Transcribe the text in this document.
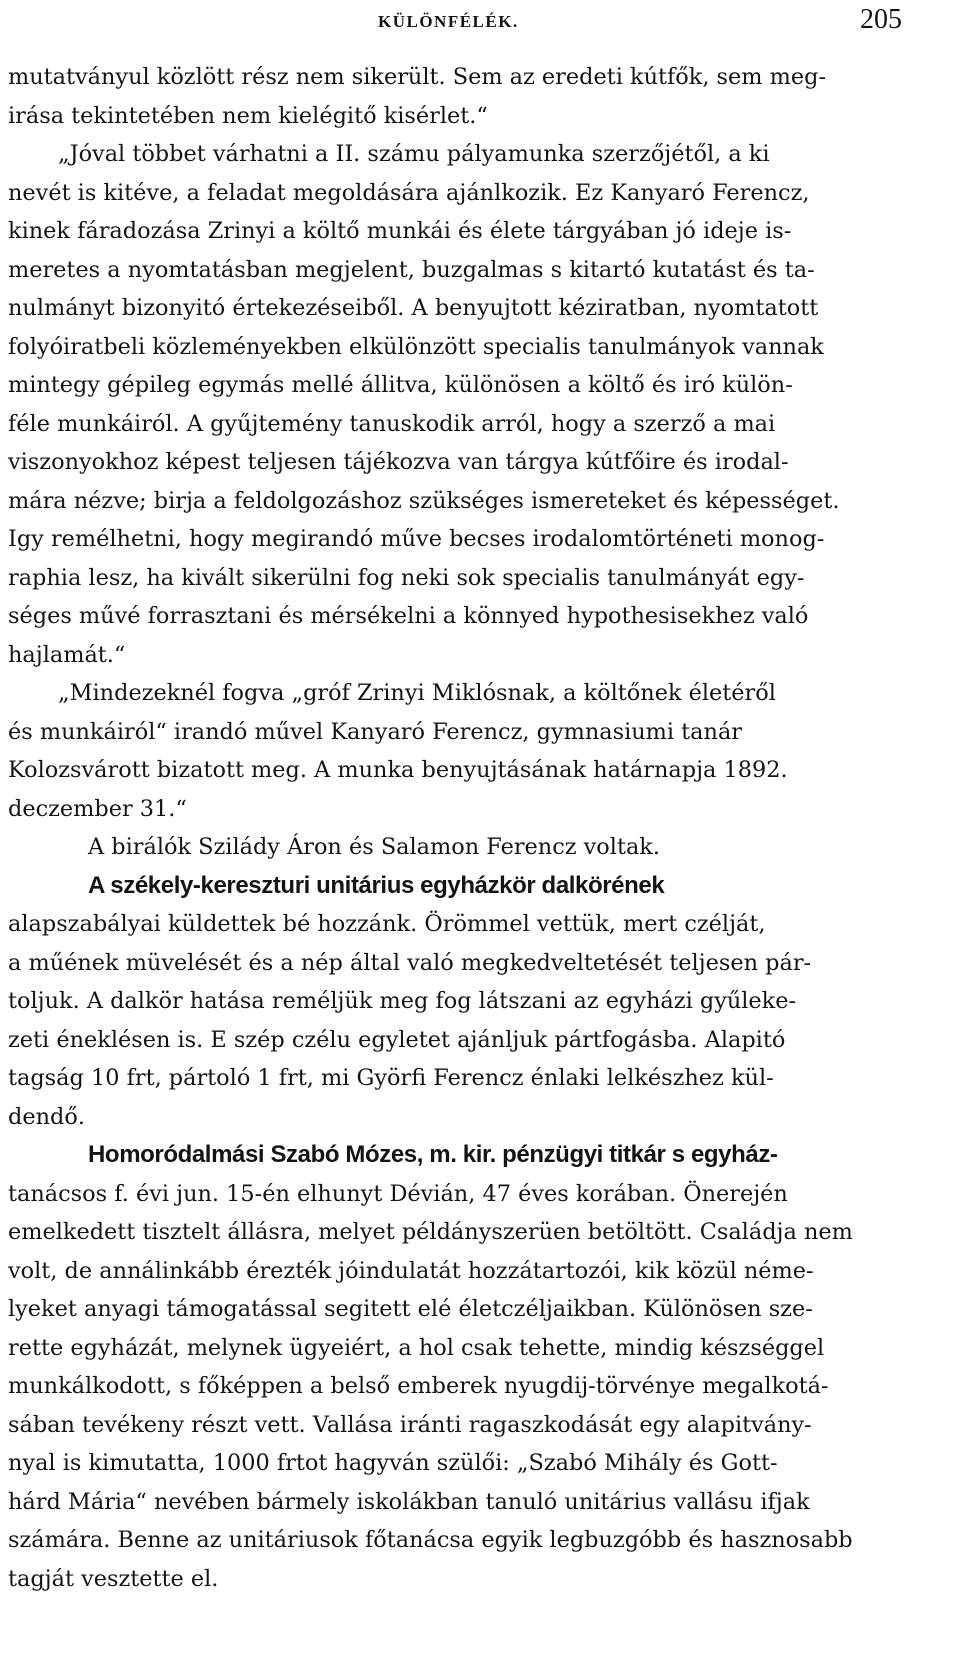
KÜLÖNFÉLÉK.	205
mutatványul közlött rész nem sikerült. Sem az eredeti kútfők, sem meg-
irása tekintetében nem kielégitő kisérlet.“
„Jóval többet várhatni a II. számu pályamunka szerzőjétől, a ki
nevét is kitéve, a feladat megoldására ajánlkozik. Ez Kanyaró Ferencz,
kinek fáradozása Zrinyi a költő munkái és élete tárgyában jó ideje is-
meretes a nyomtatásban megjelent, buzgalmas s kitartó kutatást és ta-
nulmányt bizonyitó értekezéseiből. A benyujtott kéziratban, nyomtatott
folyóiratbeli közleményekben elkülönzött specialis tanulmányok vannak
mintegy gépileg egymás mellé állitva, különösen a költő és iró külön-
féle munkáiról. A gyűjtemény tanuskodik arról, hogy a szerző a mai
viszonyokhoz képest teljesen tájékozva van tárgya kútfőire és irodal-
mára nézve; birja a feldolgozáshoz szükséges ismereteket és képességet.
Igy remélhetni, hogy megirandó műve becses irodalomtörténeti monog-
raphia lesz, ha kivált sikerülni fog neki sok specialis tanulmányát egy-
séges művé forrasztani és mérsékelni a könnyed hypothesisekhez való
hajlamát.“
„Mindezeknél fogva „gróf Zrinyi Miklósnak, a költőnek életéről
és munkáiról“ irandó művel Kanyaró Ferencz, gymnasiumi tanár
Kolozsvárott bizatott meg. A munka benyujtásának határnapja 1892.
deczember 31.“
A birálók Szilády Áron és Salamon Ferencz voltak.
A székely-kereszturi unitárius egyházkör dalkörének
alapszabályai küldettek bé hozzánk. Örömmel vettük, mert czélját,
a műének müvelését és a nép által való megkedveltetését teljesen pár-
toljuk. A dalkör hatása reméljük meg fog látszani az egyházi gyűleke-
zeti éneklésen is. E szép czélu egyletet ajánljuk pártfogásba. Alapitó
tagság 10 frt, pártoló 1 frt, mi Györfi Ferencz énlaki lelkészhez kül-
dendő.
Homoródalmási Szabó Mózes, m. kir. pénzügyi titkár s egyház-
tanácsos f. évi jun. 15-én elhunyt Dévián, 47 éves korában. Önerején
emelkedett tisztelt állásra, melyet példányszerüen betöltött. Családja nem
volt, de annálinkább érezték jóindulatát hozzátartozói, kik közül néme-
lyeket anyagi támogatással segitett elé életczéljaikban. Különösen sze-
rette egyházát, melynek ügyeiért, a hol csak tehette, mindig készséggel
munkálkodott, s főképpen a belső emberek nyugdij-törvénye megalkotá-
sában tevékeny részt vett. Vallása iránti ragaszkodását egy alapitvány-
nyal is kimutatta, 1000 frtot hagyván szülői: „Szabó Mihály és Gott-
hárd Mária“ nevében bármely iskolákban tanuló unitárius vallásu ifjak
számára. Benne az unitáriusok főtanácsa egyik legbuzgóbb és hasznosabb
tagját vesztette el.
